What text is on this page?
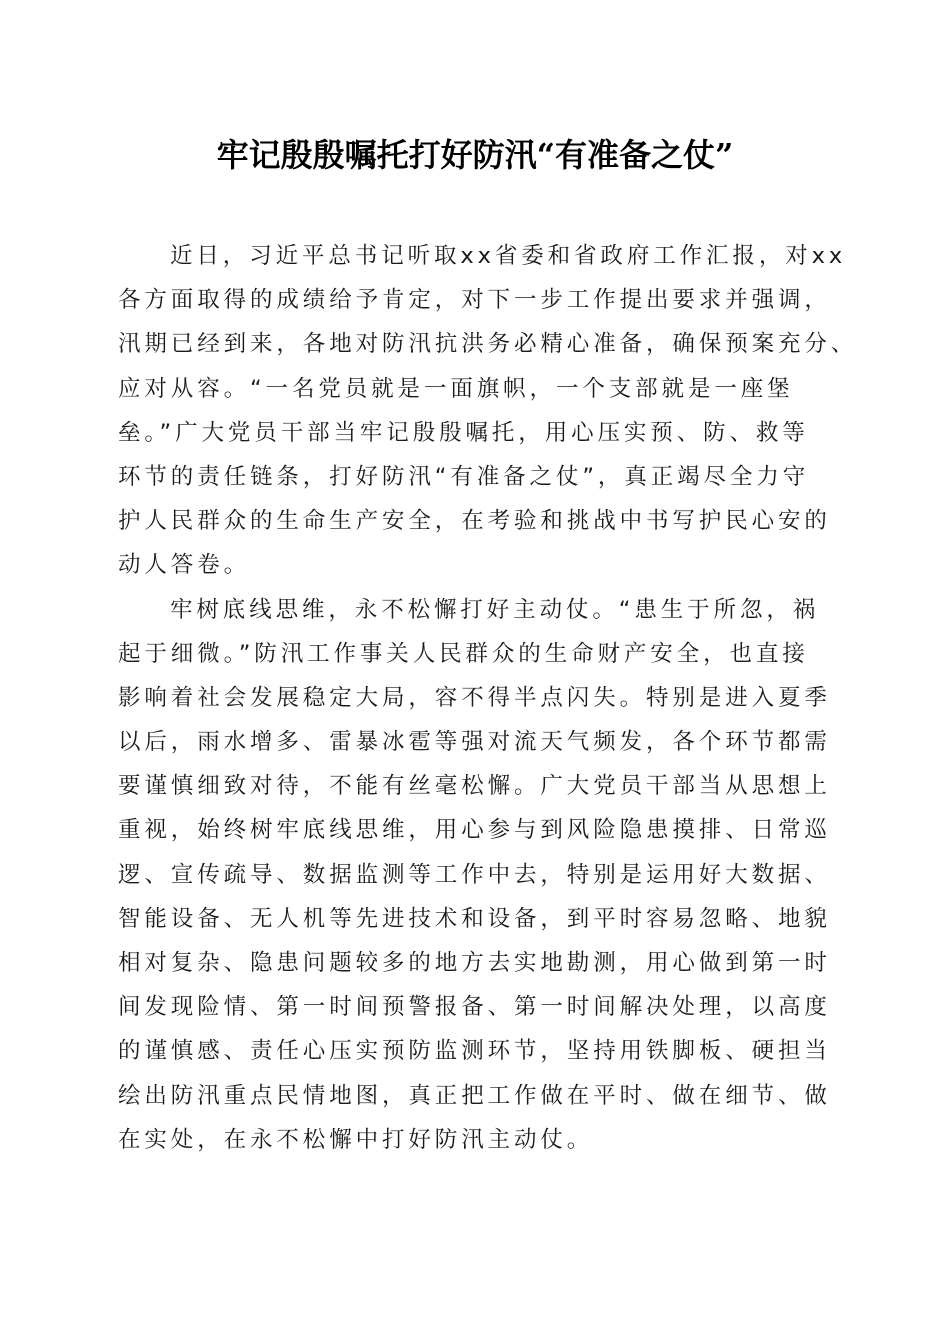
牢记殷殷嘱托打好防汛“有准备之仗”
近日，习近平总书记听取xx省委和省政府工作汇报，对xx
各方面取得的成绩给予肯定，对下一步工作提出要求并强调，
汛期已经到来，各地对防汛抗洪务必精心准备，确保预案充分、
应对从容。“一名党员就是一面旗帜，一个支部就是一座堡
垒。”广大党员干部当牢记殷殷嘱托，用心压实预、防、救等
环节的责任链条，打好防汛“有准备之仗”，真正竭尽全力守
护人民群众的生命生产安全，在考验和挑战中书写护民心安的
动人答卷。
牢树底线思维，永不松懈打好主动仗。“患生于所忽，祸
起于细微。”防汛工作事关人民群众的生命财产安全，也直接
影响着社会发展稳定大局，容不得半点闪失。特别是进入夏季
以后，雨水增多、雷暴冰雹等强对流天气频发，各个环节都需
要谨慎细致对待，不能有丝毫松懈。广大党员干部当从思想上
重视，始终树牢底线思维，用心参与到风险隐患摸排、日常巡
逻、宣传疏导、数据监测等工作中去，特别是运用好大数据、
智能设备、无人机等先进技术和设备，到平时容易忽略、地貌
相对复杂、隐患问题较多的地方去实地勘测，用心做到第一时
间发现险情、第一时间预警报备、第一时间解决处理，以高度
的谨慎感、责任心压实预防监测环节，坚持用铁脚板、硬担当
绘出防汛重点民情地图，真正把工作做在平时、做在细节、做
在实处，在永不松懈中打好防汛主动仗。
